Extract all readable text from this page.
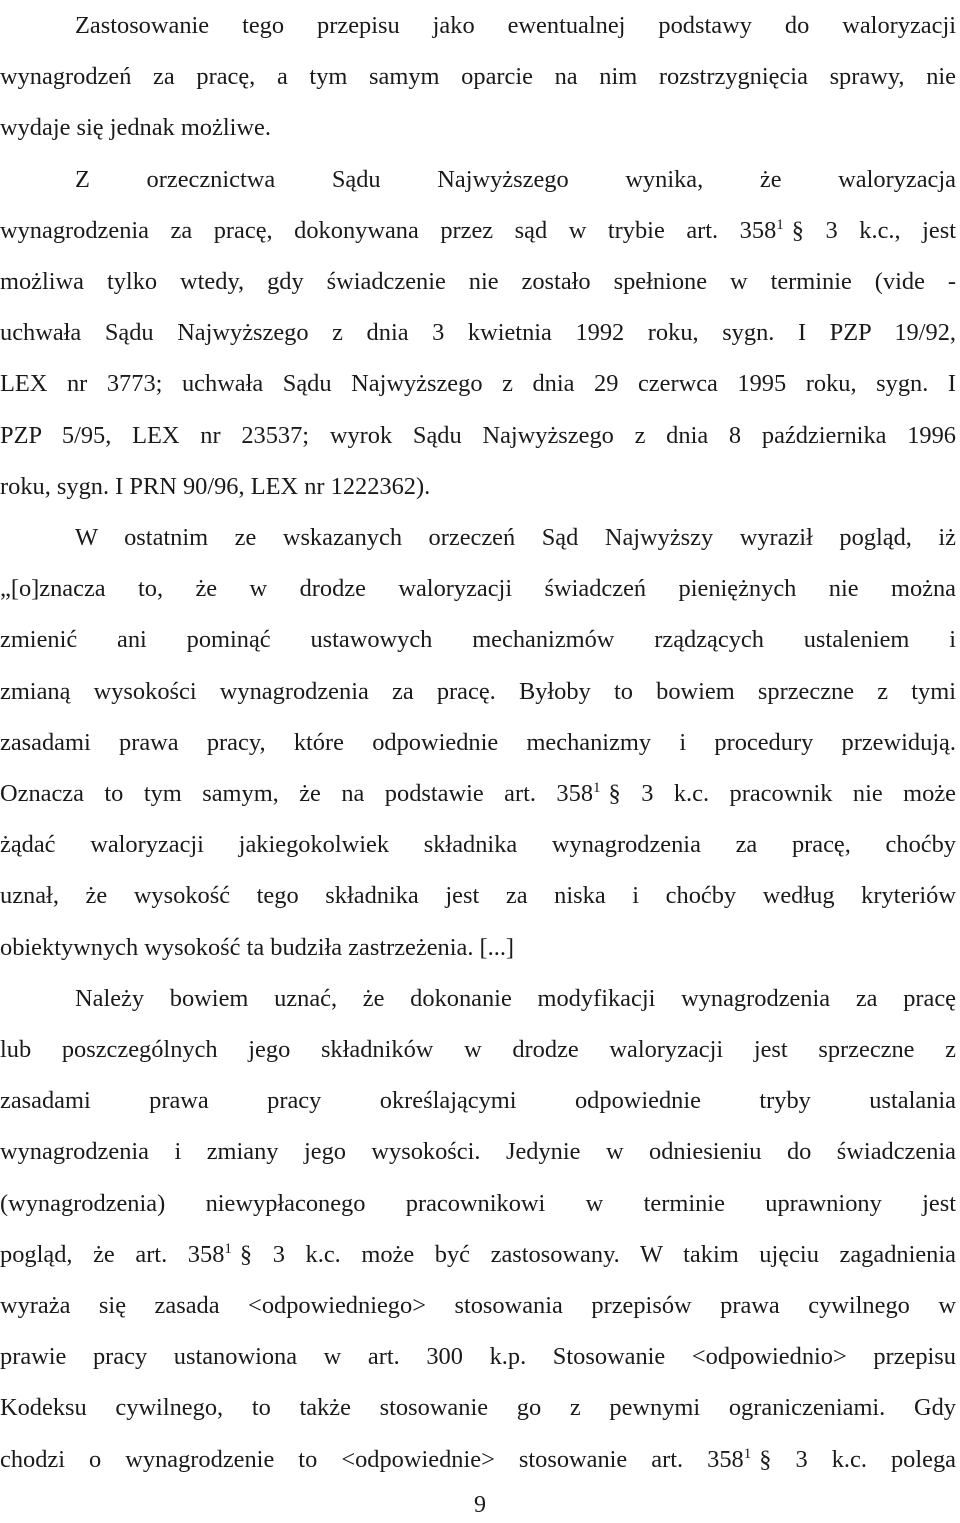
Zastosowanie tego przepisu jako ewentualnej podstawy do waloryzacji
wynagrodzeń za pracę, a tym samym oparcie na nim rozstrzygnięcia sprawy, nie
wydaje się jednak możliwe.

Z orzecznictwa Sądu Najwyższego wynika, że waloryzacja
wynagrodzenia za pracę, dokonywana przez sąd w trybie art. $358^1$ § 3 k.c., jest
możliwa tylko wtedy, gdy świadczenie nie zostało spełnione w terminie (vide -
uchwała Sądu Najwyższego z dnia 3 kwietnia 1992 roku, sygn. I PZP 19/92,
LEX nr 3773; uchwała Sądu Najwyższego z dnia 29 czerwca 1995 roku, sygn. I
PZP 5/95, LEX nr 23537; wyrok Sądu Najwyższego z dnia 8 października 1996
roku, sygn. I PRN 90/96, LEX nr 1222362).

W ostatnim ze wskazanych orzeczeń Sąd Najwyższy wyraził pogląd, iż
„[o]znacza to, że w drodze waloryzacji świadczeń pieniężnych nie można
zmienić ani pominąć ustawowych mechanizmów rządzących ustaleniem i
zmianą wysokości wynagrodzenia za pracę. Byłoby to bowiem sprzeczne z tymi
zasadami prawa pracy, które odpowiednie mechanizmy i procedury przewidują.
Oznacza to tym samym, że na podstawie art. $358^1$ § 3 k.c. pracownik nie może
żądać waloryzacji jakiegokolwiek składnika wynagrodzenia za pracę, choćby
uznał, że wysokość tego składnika jest za niska i choćby według kryteriów
obiektywnych wysokość ta budziła zastrzeżenia. [...]

Należy bowiem uznać, że dokonanie modyfikacji wynagrodzenia za pracę
lub poszczególnych jego składników w drodze waloryzacji jest sprzeczne z
zasadami prawa pracy określającymi odpowiednie tryby ustalania
wynagrodzenia i zmiany jego wysokości. Jedynie w odniesieniu do świadczenia
(wynagrodzenia) niewypłaconego pracownikowi w terminie uprawniony jest
pogląd, że art. $358^1$ § 3 k.c. może być zastosowany. W takim ujęciu zagadnienia
wyraża się zasada <odpowiedniego> stosowania przepisów prawa cywilnego w
prawie pracy ustanowiona w art. 300 k.p. Stosowanie <odpowiednio> przepisu
Kodeksu cywilnego, to także stosowanie go z pewnymi ograniczeniami. Gdy
chodzi o wynagrodzenie to <odpowiednie> stosowanie art. $358^1$ § 3 k.c. polega

9
